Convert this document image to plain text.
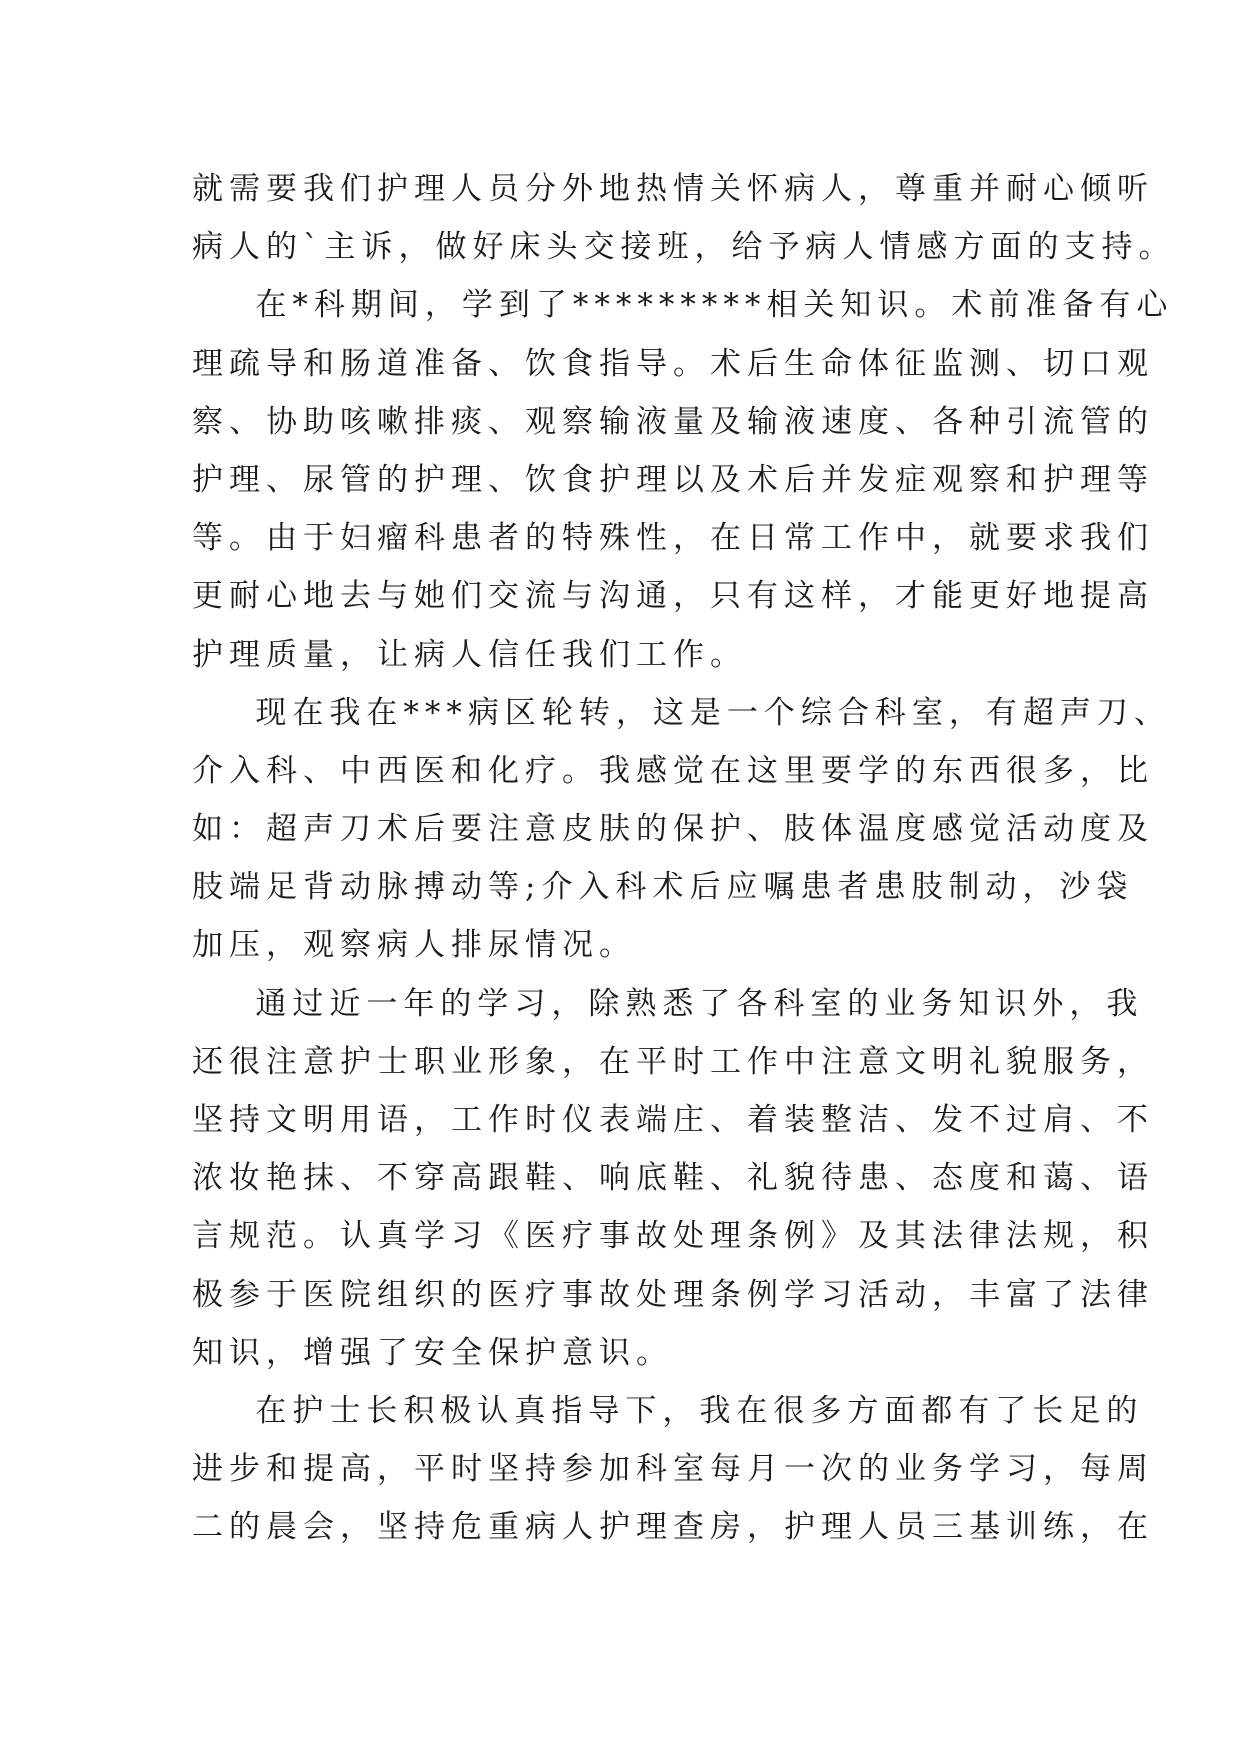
就需要我们护理人员分外地热情关怀病人，尊重并耐心倾听
病人的`主诉，做好床头交接班，给予病人情感方面的支持。
在*科期间，学到了*********相关知识。术前准备有心
理疏导和肠道准备、饮食指导。术后生命体征监测、切口观
察、协助咳嗽排痰、观察输液量及输液速度、各种引流管的
护理、尿管的护理、饮食护理以及术后并发症观察和护理等
等。由于妇瘤科患者的特殊性，在日常工作中，就要求我们
更耐心地去与她们交流与沟通，只有这样，才能更好地提高
护理质量，让病人信任我们工作。
现在我在***病区轮转，这是一个综合科室，有超声刀、
介入科、中西医和化疗。我感觉在这里要学的东西很多，比
如：超声刀术后要注意皮肤的保护、肢体温度感觉活动度及
肢端足背动脉搏动等;介入科术后应嘱患者患肢制动，沙袋
加压，观察病人排尿情况。
通过近一年的学习，除熟悉了各科室的业务知识外，我
还很注意护士职业形象，在平时工作中注意文明礼貌服务，
坚持文明用语，工作时仪表端庄、着装整洁、发不过肩、不
浓妆艳抹、不穿高跟鞋、响底鞋、礼貌待患、态度和蔼、语
言规范。认真学习《医疗事故处理条例》及其法律法规，积
极参于医院组织的医疗事故处理条例学习活动，丰富了法律
知识，增强了安全保护意识。
在护士长积极认真指导下，我在很多方面都有了长足的
进步和提高，平时坚持参加科室每月一次的业务学习，每周
二的晨会，坚持危重病人护理查房，护理人员三基训练，在
